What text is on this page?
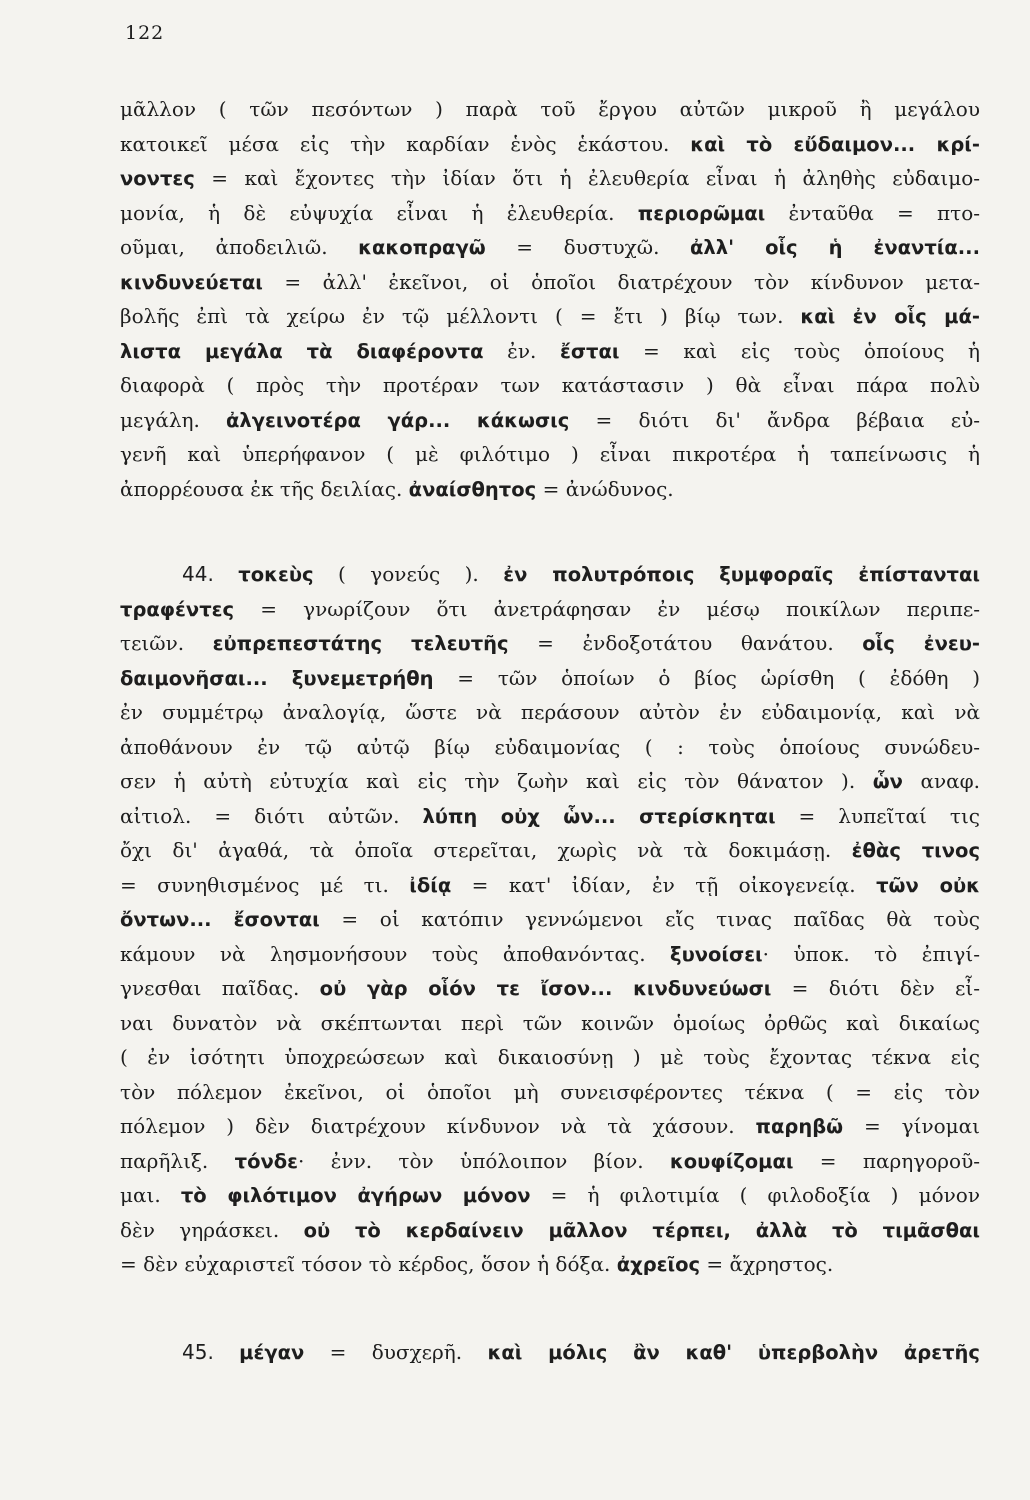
122
μᾶλλον ( τῶν πεσόντων ) παρὰ τοῦ ἔργου αὐτῶν μικροῦ ἢ μεγάλου
κατοικεῖ μέσα εἰς τὴν καρδίαν ἑνὸς ἑκάστου. καὶ τὸ εὔδαιμον... κρί-
νοντες = καὶ ἔχοντες τὴν ἰδίαν ὅτι ἡ ἐλευθερία εἶναι ἡ ἀληθὴς εὐδαιμο-
μονία, ἡ δὲ εὐψυχία εἶναι ἡ ἐλευθερία. περιορῶμαι ἐνταῦθα = πτο-
οῦμαι, ἀποδειλιῶ. κακοπραγῶ = δυστυχῶ. ἀλλ' οἷς ἡ ἐναντία...
κινδυνεύεται = ἀλλ' ἐκεῖνοι, οἱ ὁποῖοι διατρέχουν τὸν κίνδυνον μετα-
βολῆς ἐπὶ τὰ χείρω ἐν τῷ μέλλοντι ( = ἔτι ) βίῳ των. καὶ ἐν οἷς μά-
λιστα μεγάλα τὰ διαφέροντα ἐν. ἔσται = καὶ εἰς τοὺς ὁποίους ἡ
διαφορὰ ( πρὸς τὴν προτέραν των κατάστασιν ) θὰ εἶναι πάρα πολὺ
μεγάλη. ἀλγεινοτέρα γάρ... κάκωσις = διότι δι' ἄνδρα βέβαια εὐ-
γενῆ καὶ ὑπερήφανον ( μὲ φιλότιμο ) εἶναι πικροτέρα ἡ ταπείνωσις ἡ
ἀπορρέουσα ἐκ τῆς δειλίας. ἀναίσθητος = ἀνώδυνος.
44. τοκεὺς ( γονεύς ). ἐν πολυτρόποις ξυμφοραῖς ἐπίστανται
τραφέντες = γνωρίζουν ὅτι ἀνετράφησαν ἐν μέσῳ ποικίλων περιπε-
τειῶν. εὐπρεπεστάτης τελευτῆς = ἐνδοξοτάτου θανάτου. οἷς ἐνευ-
δαιμονῆσαι... ξυνεμετρήθη = τῶν ὁποίων ὁ βίος ὡρίσθη ( ἐδόθη )
ἐν συμμέτρῳ ἀναλογίᾳ, ὥστε νὰ περάσουν αὐτὸν ἐν εὐδαιμονίᾳ, καὶ νὰ
ἀποθάνουν ἐν τῷ αὐτῷ βίῳ εὐδαιμονίας ( : τοὺς ὁποίους συνώδευ-
σεν ἡ αὐτὴ εὐτυχία καὶ εἰς τὴν ζωὴν καὶ εἰς τὸν θάνατον ). ὧν αναφ.
αἰτιολ. = διότι αὐτῶν. λύπη οὐχ ὧν... στερίσκηται = λυπεῖταί τις
ὄχι δι' ἀγαθά, τὰ ὁποῖα στερεῖται, χωρὶς νὰ τὰ δοκιμάσῃ. ἐθὰς τινος
= συνηθισμένος μέ τι. ἰδίᾳ = κατ' ἰδίαν, ἐν τῇ οἰκογενείᾳ. τῶν οὐκ
ὄντων... ἔσονται = οἱ κατόπιν γεννώμενοι εἴς τινας παῖδας θὰ τοὺς
κάμουν νὰ λησμονήσουν τοὺς ἀποθανόντας. ξυνοίσει· ὑποκ. τὸ ἐπιγί-
γνεσθαι παῖδας. οὐ γὰρ οἷόν τε ἴσον... κινδυνεύωσι = διότι δὲν εἶ-
ναι δυνατὸν νὰ σκέπτωνται περὶ τῶν κοινῶν ὁμοίως ὀρθῶς καὶ δικαίως
( ἐν ἰσότητι ὑποχρεώσεων καὶ δικαιοσύνῃ ) μὲ τοὺς ἔχοντας τέκνα εἰς
τὸν πόλεμον ἐκεῖνοι, οἱ ὁποῖοι μὴ συνεισφέροντες τέκνα ( = εἰς τὸν
πόλεμον ) δὲν διατρέχουν κίνδυνον νὰ τὰ χάσουν. παρηβῶ = γίνομαι
παρῆλιξ. τόνδε· ἐνν. τὸν ὑπόλοιπον βίον. κουφίζομαι = παρηγοροῦ-
μαι. τὸ φιλότιμον ἀγήρων μόνον = ἡ φιλοτιμία ( φιλοδοξία ) μόνον
δὲν γηράσκει. οὐ τὸ κερδαίνειν μᾶλλον τέρπει, ἀλλὰ τὸ τιμᾶσθαι
= δὲν εὐχαριστεῖ τόσον τὸ κέρδος, ὅσον ἡ δόξα. ἀχρεῖος = ἄχρηστος.
45. μέγαν = δυσχερῆ. καὶ μόλις ἂν καθ' ὑπερβολὴν ἀρετῆς
